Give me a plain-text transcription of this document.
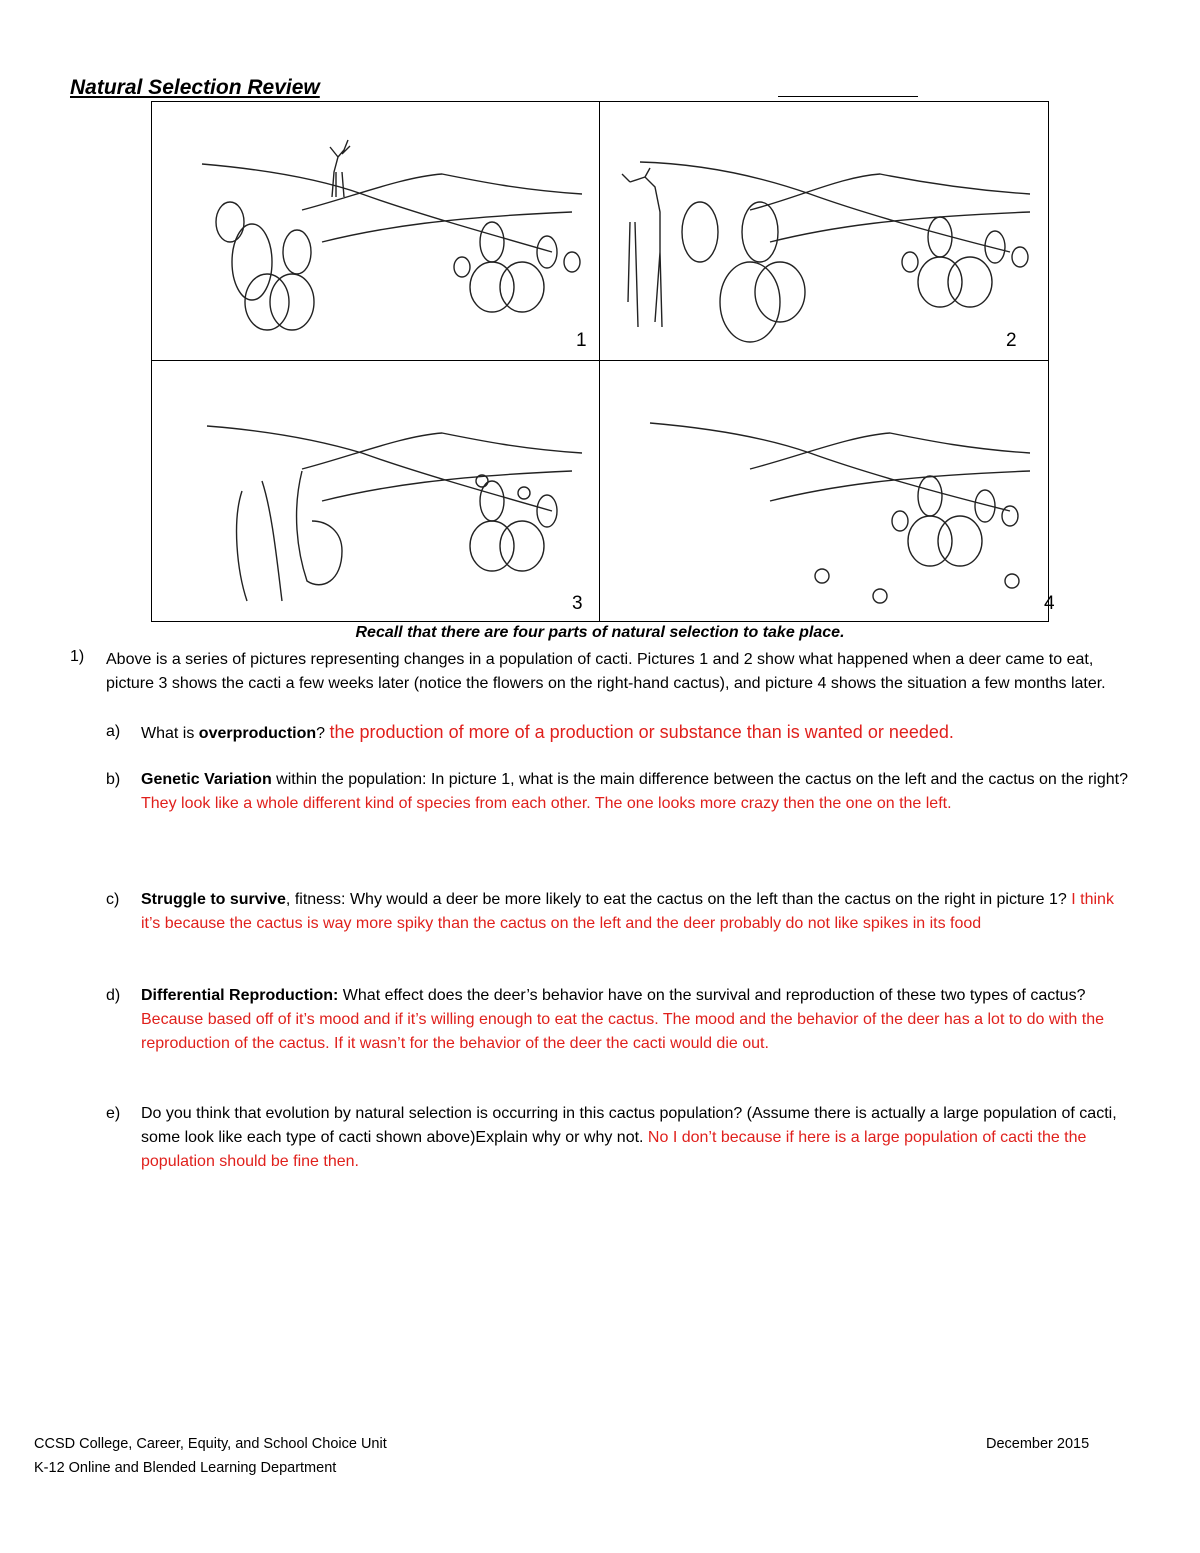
Natural Selection Review
1	2
3	4
Recall that there are four parts of natural selection to take place.
1) Above is a series of pictures representing changes in a population of cacti. Pictures 1 and 2 show what happened when a deer came to eat, picture 3 shows the cacti a few weeks later (notice the flowers on the right-hand cactus), and picture 4 shows the situation a few months later.
a) What is overproduction? the production of more of a production or substance than is wanted or needed.
b) Genetic Variation within the population: In picture 1, what is the main difference between the cactus on the left and the cactus on the right? They look like a whole different kind of species from each other. The one looks more crazy then the one on the left.
c) Struggle to survive, fitness: Why would a deer be more likely to eat the cactus on the left than the cactus on the right in picture 1? I think it’s because the cactus is way more spiky than the cactus on the left and the deer probably do not like spikes in its food
d) Differential Reproduction: What effect does the deer’s behavior have on the survival and reproduction of these two types of cactus? Because based off of it’s mood and if it’s willing enough to eat the cactus. The mood and the behavior of the deer has a lot to do with the reproduction of the cactus. If it wasn’t for the behavior of the deer the cacti would die out.
e) Do you think that evolution by natural selection is occurring in this cactus population? (Assume there is actually a large population of cacti, some look like each type of cacti shown above)Explain why or why not. No I don’t because if here is a large population of cacti the the population should be fine then.
CCSD College, Career, Equity, and School Choice Unit
K-12 Online and Blended Learning Department
December 2015
